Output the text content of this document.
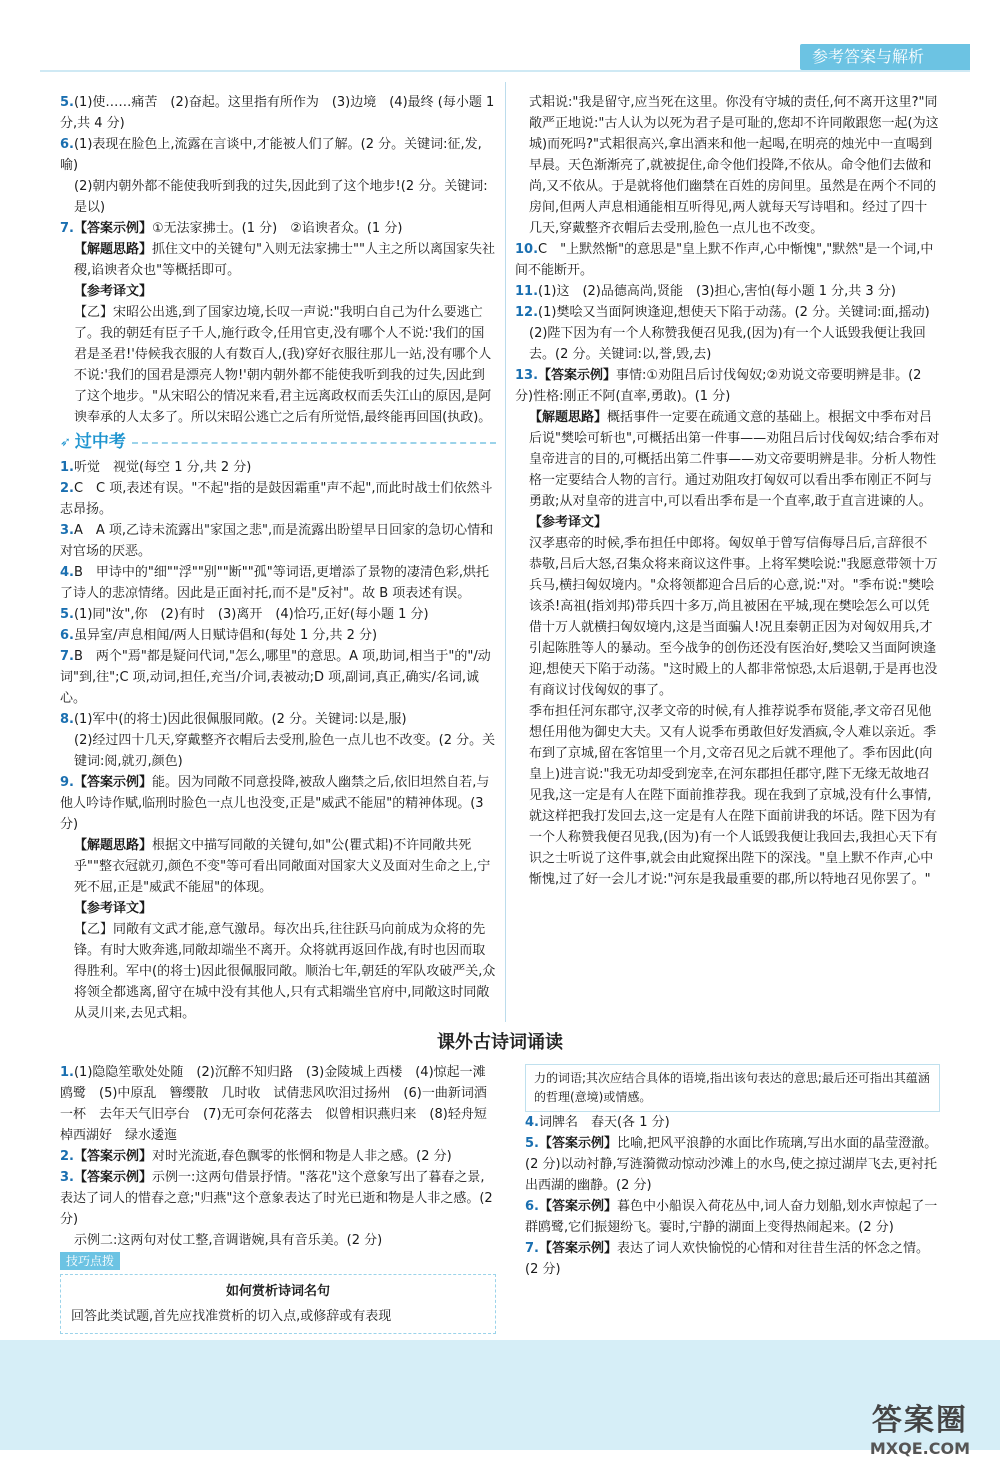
参考答案与解析

5.(1)使……痛苦　(2)奋起。这里指有所作为　(3)边境　(4)最终 (每小题 1 分,共 4 分)

6.(1)表现在脸色上,流露在言谈中,才能被人们了解。(2 分。关键词:征,发,喻)

(2)朝内朝外都不能使我听到我的过失,因此到了这个地步!(2 分。关键词:是以)

7.【答案示例】①无法家拂士。(1 分)　②谄谀者众。(1 分)

【解题思路】抓住文中的关键句"入则无法家拂士""人主之所以离国家失社稷,谄谀者众也"等概括即可。

【参考译文】

【乙】宋昭公出逃,到了国家边境,长叹一声说:"我明白自己为什么要逃亡了。我的朝廷有臣子千人,施行政令,任用官吏,没有哪个人不说:'我们的国君是圣君!'侍候我衣服的人有数百人,(我)穿好衣服往那儿一站,没有哪个人不说:'我们的国君是漂亮人物!'朝内朝外都不能使我听到我的过失,因此到了这个地步。"从宋昭公的情况来看,君主远离政权而丢失江山的原因,是阿谀奉承的人太多了。所以宋昭公逃亡之后有所觉悟,最终能再回国(执政)。

➶ 过中考

1.听觉　视觉(每空 1 分,共 2 分)

2.C　C 项,表述有误。"不起"指的是鼓因霜重"声不起",而此时战士们依然斗志昂扬。

3.A　A 项,乙诗未流露出"家国之悲",而是流露出盼望早日回家的急切心情和对官场的厌恶。

4.B　甲诗中的"细""浮""别""断""孤"等词语,更增添了景物的凄清色彩,烘托了诗人的悲凉情绪。因此是正面衬托,而不是"反衬"。故 B 项表述有误。

5.(1)同"汝",你　(2)有时　(3)离开　(4)恰巧,正好(每小题 1 分)

6.虽异室/声息相闻/两人日赋诗倡和(每处 1 分,共 2 分)

7.B　两个"焉"都是疑问代词,"怎么,哪里"的意思。A 项,助词,相当于"的"/动词"到,往";C 项,动词,担任,充当/介词,表被动;D 项,副词,真正,确实/名词,诚心。

8.(1)军中(的将士)因此很佩服同敞。(2 分。关键词:以是,服)

(2)经过四十几天,穿戴整齐衣帽后去受刑,脸色一点儿也不改变。(2 分。关键词:阅,就刃,颜色)

9.【答案示例】能。因为同敞不同意投降,被敌人幽禁之后,依旧坦然自若,与他人吟诗作赋,临刑时脸色一点儿也没变,正是"威武不能屈"的精神体现。(3 分)

【解题思路】根据文中描写同敞的关键句,如"公(瞿式耜)不许同敞共死乎""整衣冠就刃,颜色不变"等可看出同敞面对国家大义及面对生命之上,宁死不屈,正是"威武不能屈"的体现。

【参考译文】

【乙】同敞有文武才能,意气激昂。每次出兵,往往跃马向前成为众将的先锋。有时大败奔逃,同敞却端坐不离开。众将就再返回作战,有时也因而取得胜利。军中(的将士)因此很佩服同敞。顺治七年,朝廷的军队攻破严关,众将领全都逃离,留守在城中没有其他人,只有式耜端坐官府中,同敞这时同敞从灵川来,去见式耜。

式耜说:"我是留守,应当死在这里。你没有守城的责任,何不离开这里?"同敞严正地说:"古人认为以死为君子是可耻的,您却不许同敞跟您一起(为这城)而死吗?"式耜很高兴,拿出酒来和他一起喝,在明亮的烛光中一直喝到早晨。天色渐渐亮了,就被捉住,命令他们投降,不依从。命令他们去做和尚,又不依从。于是就将他们幽禁在百姓的房间里。虽然是在两个不同的房间,但两人声息相通能相互听得见,两人就每天写诗唱和。经过了四十几天,穿戴整齐衣帽后去受刑,脸色一点儿也不改变。

10.C　"上默然惭"的意思是"皇上默不作声,心中惭愧","默然"是一个词,中间不能断开。

11.(1)这　(2)品德高尚,贤能　(3)担心,害怕(每小题 1 分,共 3 分)

12.(1)樊哙又当面阿谀逢迎,想使天下陷于动荡。(2 分。关键词:面,摇动)

(2)陛下因为有一个人称赞我便召见我,(因为)有一个人诋毁我便让我回去。(2 分。关键词:以,誉,毁,去)

13.【答案示例】事情:①劝阻吕后讨伐匈奴;②劝说文帝要明辨是非。(2 分)性格:刚正不阿(直率,勇敢)。(1 分)

【解题思路】概括事件一定要在疏通文意的基础上。根据文中季布对吕后说"樊哙可斩也",可概括出第一件事——劝阻吕后讨伐匈奴;结合季布对皇帝进言的目的,可概括出第二件事——劝文帝要明辨是非。分析人物性格一定要结合人物的言行。通过劝阻攻打匈奴可以看出季布刚正不阿与勇敢;从对皇帝的进言中,可以看出季布是一个直率,敢于直言进谏的人。

【参考译文】

汉孝惠帝的时候,季布担任中郎将。匈奴单于曾写信侮辱吕后,言辞很不恭敬,吕后大怒,召集众将来商议这件事。上将军樊哙说:"我愿意带领十万兵马,横扫匈奴境内。"众将领都迎合吕后的心意,说:"对。"季布说:"樊哙该杀!高祖(指刘邦)带兵四十多万,尚且被困在平城,现在樊哙怎么可以凭借十万人就横扫匈奴境内,这是当面骗人!况且秦朝正因为对匈奴用兵,才引起陈胜等人的暴动。至今战争的创伤还没有医治好,樊哙又当面阿谀逢迎,想使天下陷于动荡。"这时殿上的人都非常惊恐,太后退朝,于是再也没有商议讨伐匈奴的事了。

季布担任河东郡守,汉孝文帝的时候,有人推荐说季布贤能,孝文帝召见他想任用他为御史大夫。又有人说季布勇敢但好发酒疯,令人难以亲近。季布到了京城,留在客馆里一个月,文帝召见之后就不理他了。季布因此(向皇上)进言说:"我无功却受到宠幸,在河东郡担任郡守,陛下无缘无故地召见我,这一定是有人在陛下面前推荐我。现在我到了京城,没有什么事情,就这样把我打发回去,这一定是有人在陛下面前讲我的坏话。陛下因为有一个人称赞我便召见我,(因为)有一个人诋毁我便让我回去,我担心天下有识之士听说了这件事,就会由此窥探出陛下的深浅。"皇上默不作声,心中惭愧,过了好一会儿才说:"河东是我最重要的郡,所以特地召见你罢了。"

课外古诗词诵读

1.(1)隐隐笙歌处处随　(2)沉醉不知归路　(3)金陵城上西楼　(4)惊起一滩鸥鹭　(5)中原乱　簪缨散　几时收　试倩悲风吹泪过扬州　(6)一曲新词酒一杯　去年天气旧亭台　(7)无可奈何花落去　似曾相识燕归来　(8)轻舟短棹西湖好　绿水逶迤

2.【答案示例】对时光流逝,春色飘零的怅惘和物是人非之感。(2 分)

3.【答案示例】示例一:这两句借景抒情。"落花"这个意象写出了暮春之景,表达了词人的惜春之意;"归燕"这个意象表达了时光已逝和物是人非之感。(2 分)

示例二:这两句对仗工整,音调谐婉,具有音乐美。(2 分)

技巧点拨
如何赏析诗词名句
回答此类试题,首先应找准赏析的切入点,或修辞或有表现
力的词语;其次应结合具体的语境,指出该句表达的意思;最后还可指出其蕴涵的哲理(意境)或情感。

4.词牌名　春天(各 1 分)

5.【答案示例】比喻,把风平浪静的水面比作琉璃,写出水面的晶莹澄澈。(2 分)以动衬静,写涟漪微动惊动沙滩上的水鸟,使之掠过湖岸飞去,更衬托出西湖的幽静。(2 分)

6.【答案示例】暮色中小船误入荷花丛中,词人奋力划船,划水声惊起了一群鸥鹭,它们振翅纷飞。霎时,宁静的湖面上变得热闹起来。(2 分)

7.【答案示例】表达了词人欢快愉悦的心情和对往昔生活的怀念之情。(2 分)

答案圈
MXQE.COM
